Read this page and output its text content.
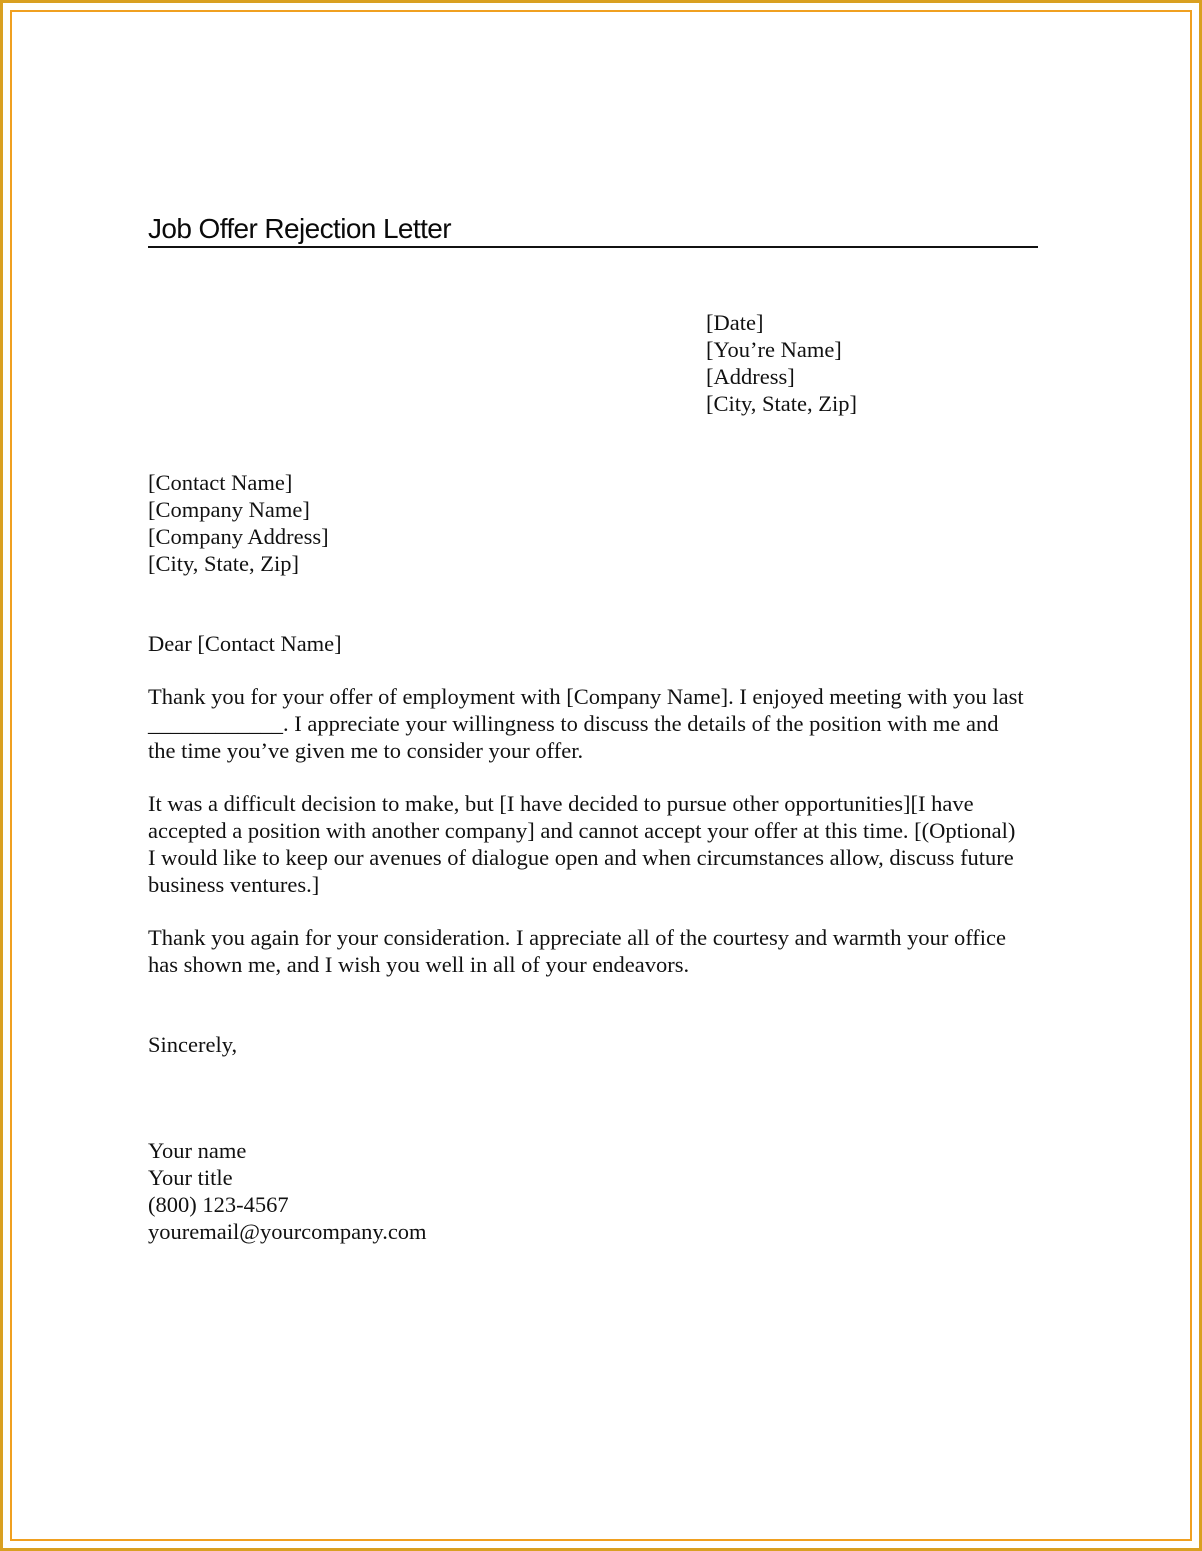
Job Offer Rejection Letter
[Date]
[You’re Name]
[Address]
[City, State, Zip]
[Contact Name]
[Company Name]
[Company Address]
[City, State, Zip]
Dear [Contact Name]
Thank you for your offer of employment with [Company Name]. I enjoyed meeting with you last
____________. I appreciate your willingness to discuss the details of the position with me and
the time you’ve given me to consider your offer.
It was a difficult decision to make, but [I have decided to pursue other opportunities][I have
accepted a position with another company] and cannot accept your offer at this time. [(Optional)
I would like to keep our avenues of dialogue open and when circumstances allow, discuss future
business ventures.]
Thank you again for your consideration. I appreciate all of the courtesy and warmth your office
has shown me, and I wish you well in all of your endeavors.
Sincerely,
Your name
Your title
(800) 123-4567
youremail@yourcompany.com
